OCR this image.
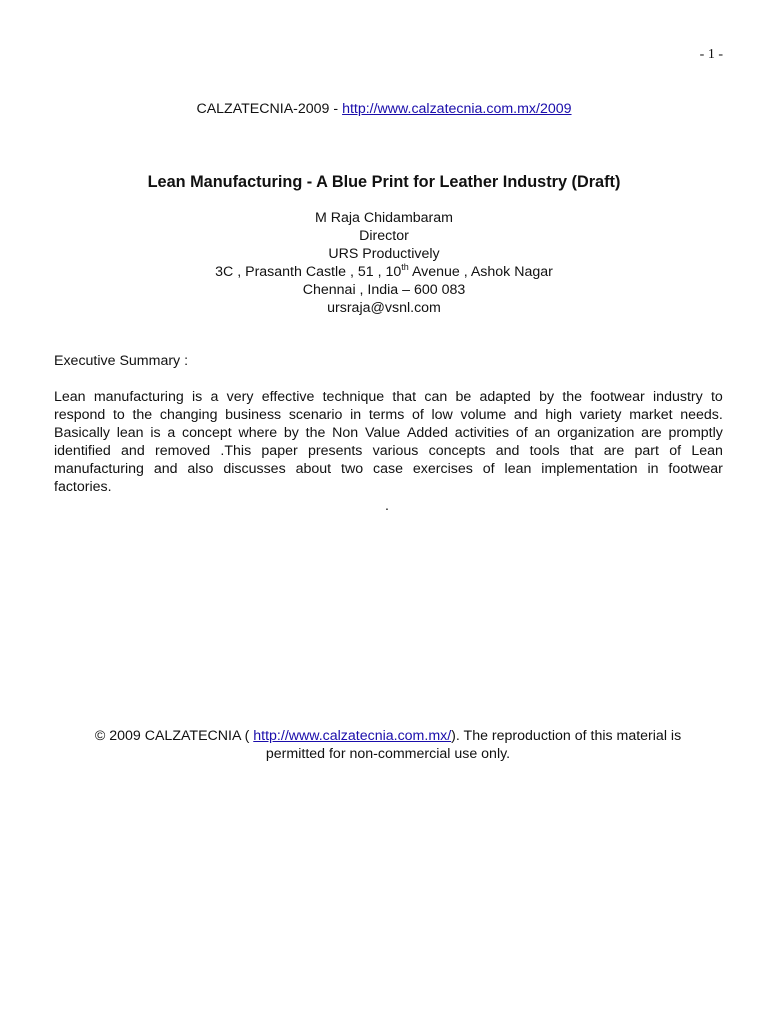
- 1 -
CALZATECNIA-2009 - http://www.calzatecnia.com.mx/2009
Lean Manufacturing - A Blue Print for Leather Industry (Draft)
M Raja Chidambaram
Director
URS Productively
3C , Prasanth Castle , 51 , 10th Avenue , Ashok Nagar
Chennai , India – 600 083
ursraja@vsnl.com
Executive Summary :
Lean manufacturing is a very effective technique that can be adapted by the footwear industry to
respond to the changing business scenario in terms of low volume and high variety market needs.
Basically lean is a concept where by the Non Value Added activities of an organization are promptly
identified and removed .This paper presents various concepts and tools that are part of Lean
manufacturing and also discusses about two case exercises of lean implementation in footwear
factories.
.
© 2009 CALZATECNIA ( http://www.calzatecnia.com.mx/). The reproduction of this material is
permitted for non-commercial use only.
